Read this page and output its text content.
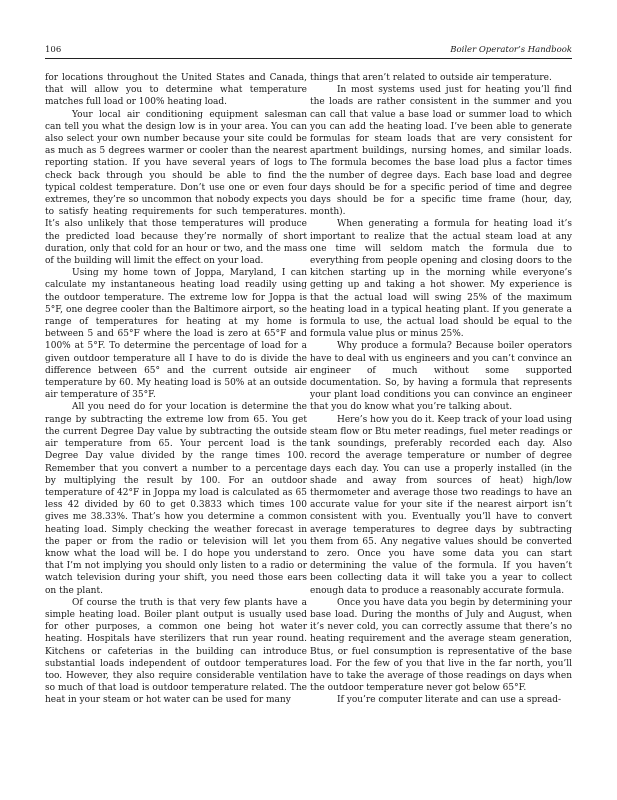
106	Boiler Operator’s Handbook

for locations throughout the United States and Canada, that will allow you to determine what temperature matches full load or 100% heating load.

Your local air conditioning equipment salesman can tell you what the design low is in your area. You can also select your own number because your site could be as much as 5 degrees warmer or cooler than the nearest reporting station. If you have several years of logs to check back through you should be able to find the typical coldest temperature. Don’t use one or even four extremes, they’re so uncommon that nobody expects you to satisfy heating requirements for such temperatures. It’s also unlikely that those temperatures will produce the predicted load because they’re normally of short duration, only that cold for an hour or two, and the mass of the building will limit the effect on your load.

Using my home town of Joppa, Maryland, I can calculate my instantaneous heating load readily using the outdoor temperature. The extreme low for Joppa is 5°F, one degree cooler than the Baltimore airport, so the range of temperatures for heating at my home is between 5 and 65°F where the load is zero at 65°F and 100% at 5°F. To determine the percentage of load for a given outdoor temperature all I have to do is divide the difference between 65° and the current outside air temperature by 60. My heating load is 50% at an outside air temperature of 35°F.

All you need do for your location is determine the range by subtracting the extreme low from 65. You get the current Degree Day value by subtracting the outside air temperature from 65. Your percent load is the Degree Day value divided by the range times 100. Remember that you convert a number to a percentage by multiplying the result by 100. For an outdoor temperature of 42°F in Joppa my load is calculated as 65 less 42 divided by 60 to get 0.3833 which times 100 gives me 38.33%. That’s how you determine a common heating load. Simply checking the weather forecast in the paper or from the radio or television will let you know what the load will be. I do hope you understand that I’m not implying you should only listen to a radio or watch television during your shift, you need those ears on the plant.

Of course the truth is that very few plants have a simple heating load. Boiler plant output is usually used for other purposes, a common one being hot water heating. Hospitals have sterilizers that run year round. Kitchens or cafeterias in the building can introduce substantial loads independent of outdoor temperatures too. However, they also require considerable ventilation so much of that load is outdoor temperature related. The heat in your steam or hot water can be used for many

things that aren’t related to outside air temperature.

In most systems used just for heating you’ll find the loads are rather consistent in the summer and you can call that value a base load or summer load to which you can add the heating load. I’ve been able to generate formulas for steam loads that are very consistent for apartment buildings, nursing homes, and similar loads. The formula becomes the base load plus a factor times the number of degree days. Each base load and degree days should be for a specific period of time and degree days should be for a specific time frame (hour, day, month).

When generating a formula for heating load it’s important to realize that the actual steam load at any one time will seldom match the formula due to everything from people opening and closing doors to the kitchen starting up in the morning while everyone’s getting up and taking a hot shower. My experience is that the actual load will swing 25% of the maximum heating load in a typical heating plant. If you generate a formula to use, the actual load should be equal to the formula value plus or minus 25%.

Why produce a formula? Because boiler operators have to deal with us engineers and you can’t convince an engineer of much without some supported documentation. So, by having a formula that represents your plant load conditions you can convince an engineer that you do know what you’re talking about.

Here’s how you do it. Keep track of your load using steam flow or Btu meter readings, fuel meter readings or tank soundings, preferably recorded each day. Also record the average temperature or number of degree days each day. You can use a properly installed (in the shade and away from sources of heat) high/low thermometer and average those two readings to have an accurate value for your site if the nearest airport isn’t consistent with you. Eventually you’ll have to convert average temperatures to degree days by subtracting them from 65. Any negative values should be converted to zero. Once you have some data you can start determining the value of the formula. If you haven’t been collecting data it will take you a year to collect enough data to produce a reasonably accurate formula.

Once you have data you begin by determining your base load. During the months of July and August, when it’s never cold, you can correctly assume that there’s no heating requirement and the average steam generation, Btus, or fuel consumption is representative of the base load. For the few of you that live in the far north, you’ll have to take the average of those readings on days when the outdoor temperature never got below 65°F.

If you’re computer literate and can use a spread-
